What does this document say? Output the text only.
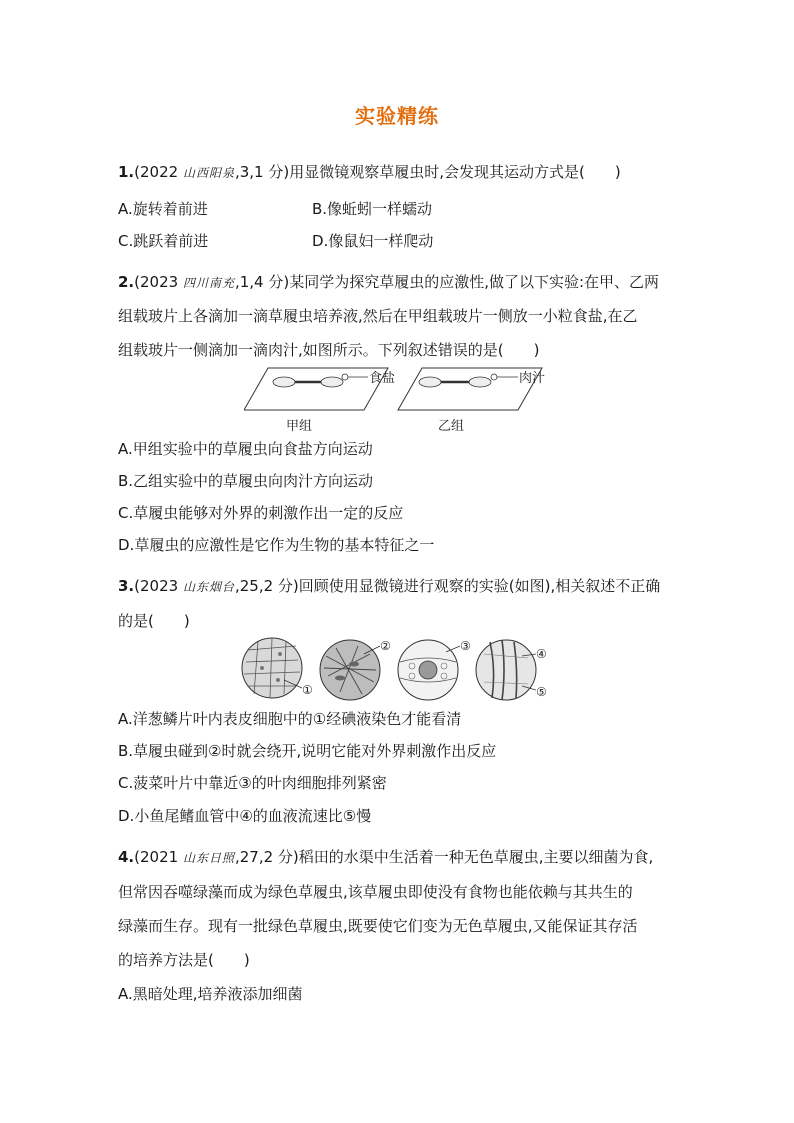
实验精练
1.(2022 山西阳泉,3,1 分)用显微镜观察草履虫时,会发现其运动方式是(　　)
A.旋转着前进	B.像蚯蚓一样蠕动
C.跳跃着前进	D.像鼠妇一样爬动
2.(2023 四川南充,1,4 分)某同学为探究草履虫的应激性,做了以下实验:在甲、乙两
组载玻片上各滴加一滴草履虫培养液,然后在甲组载玻片一侧放一小粒食盐,在乙
组载玻片一侧滴加一滴肉汁,如图所示。下列叙述错误的是(　　)
食盐
甲组
肉汁
乙组
A.甲组实验中的草履虫向食盐方向运动
B.乙组实验中的草履虫向肉汁方向运动
C.草履虫能够对外界的刺激作出一定的反应
D.草履虫的应激性是它作为生物的基本特征之一
3.(2023 山东烟台,25,2 分)回顾使用显微镜进行观察的实验(如图),相关叙述不正确
的是(　　)
①
②	③
④
⑤
A.洋葱鳞片叶内表皮细胞中的①经碘液染色才能看清
B.草履虫碰到②时就会绕开,说明它能对外界刺激作出反应
C.菠菜叶片中靠近③的叶肉细胞排列紧密
D.小鱼尾鳍血管中④的血液流速比⑤慢
4.(2021 山东日照,27,2 分)稻田的水渠中生活着一种无色草履虫,主要以细菌为食,
但常因吞噬绿藻而成为绿色草履虫,该草履虫即使没有食物也能依赖与其共生的
绿藻而生存。现有一批绿色草履虫,既要使它们变为无色草履虫,又能保证其存活
的培养方法是(　　)
A.黑暗处理,培养液添加细菌
